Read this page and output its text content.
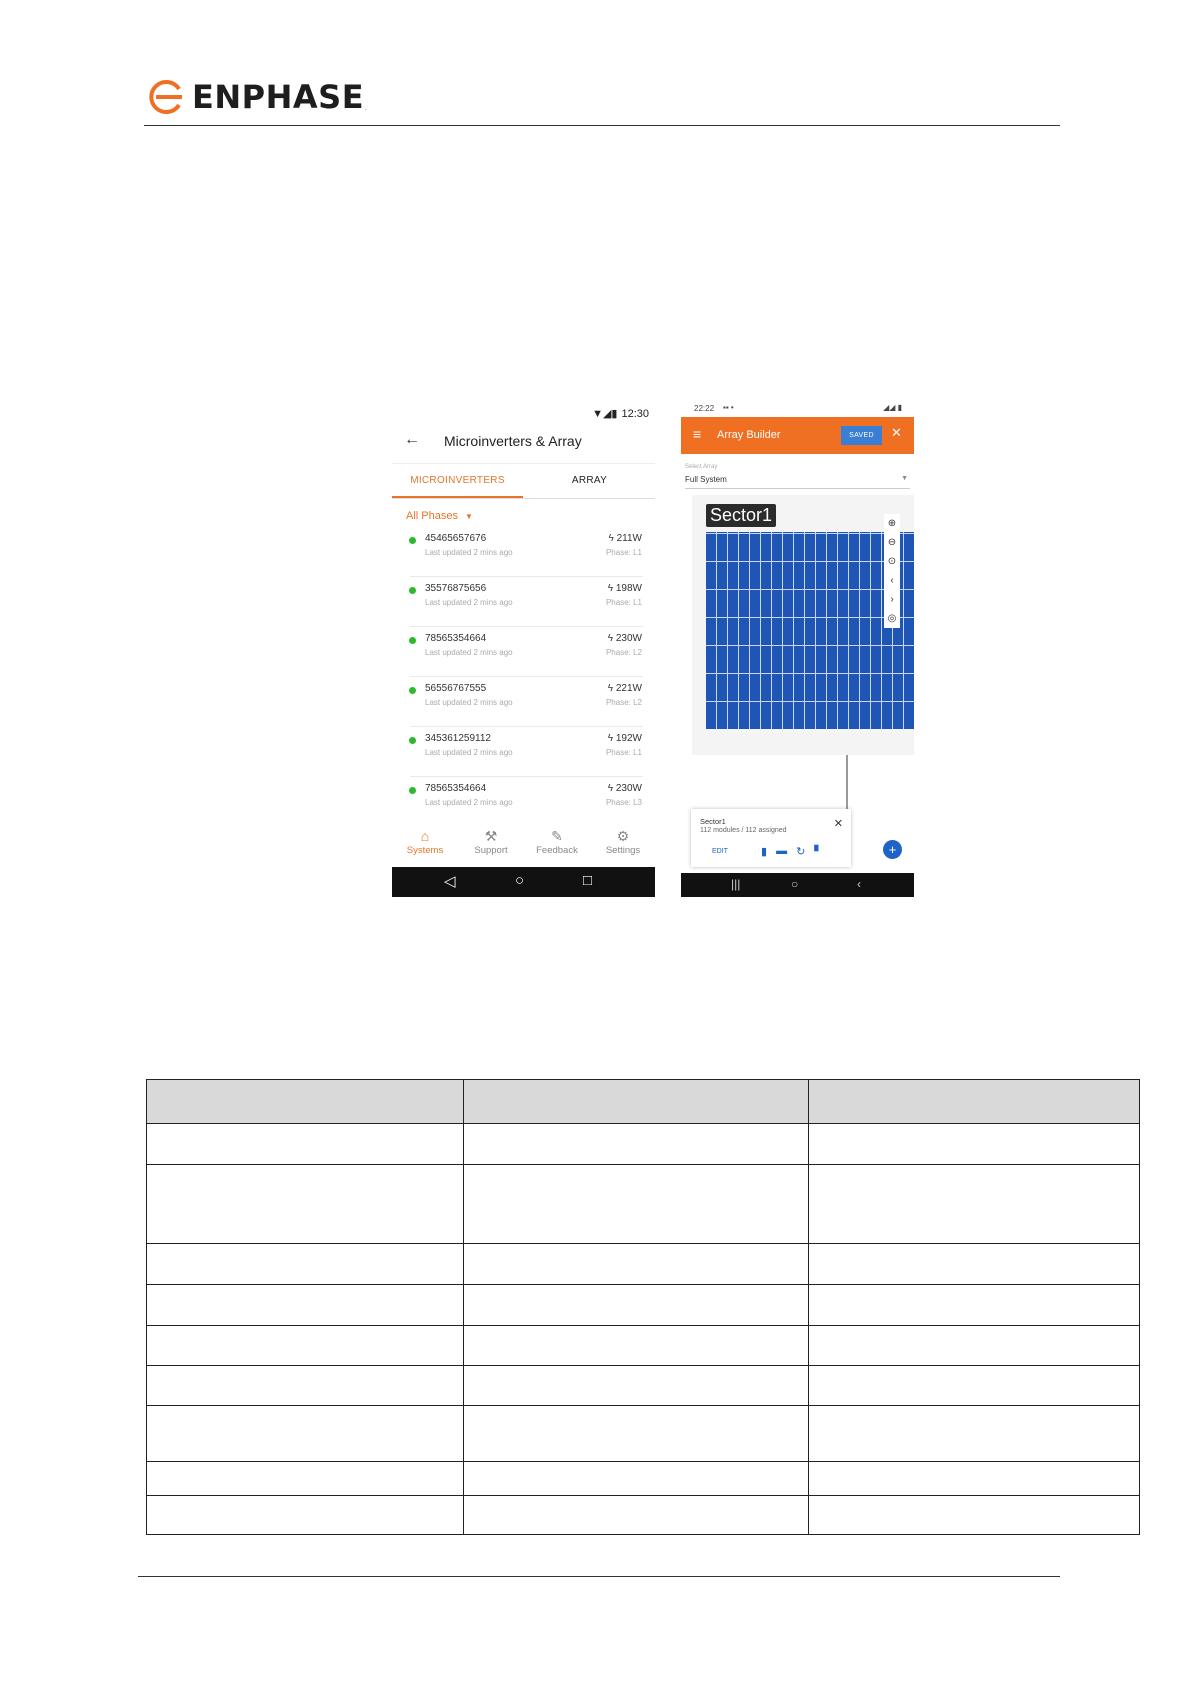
ENPHASE .
▼◢▮ 12:30
← Microinverters & Array
MICROINVERTERS	ARRAY
All Phases ▼
45465657676
Last updated 2 mins ago
ϟ 211W
Phase: L1
35576875656
Last updated 2 mins ago
ϟ 198W
Phase: L1
78565354664
Last updated 2 mins ago
ϟ 230W
Phase: L2
56556767555
Last updated 2 mins ago
ϟ 221W
Phase: L2
345361259112
Last updated 2 mins ago
ϟ 192W
Phase: L1
78565354664
Last updated 2 mins ago
ϟ 230W
Phase: L3
⌂
Systems
⚒
Support
✎
Feedback
⚙
Settings
◁	○	□
22:22 ▪▪ •	◢◢ ▮
≡ Array Builder	SAVED	✕
Select Array
Full System	▼
Sector1	⊕
⊖
⊙
‹
›
◎
Sector1
112 modules / 112 assigned
✕
EDIT	▮ ▬ ↻ ▘	+
|||	○	‹
